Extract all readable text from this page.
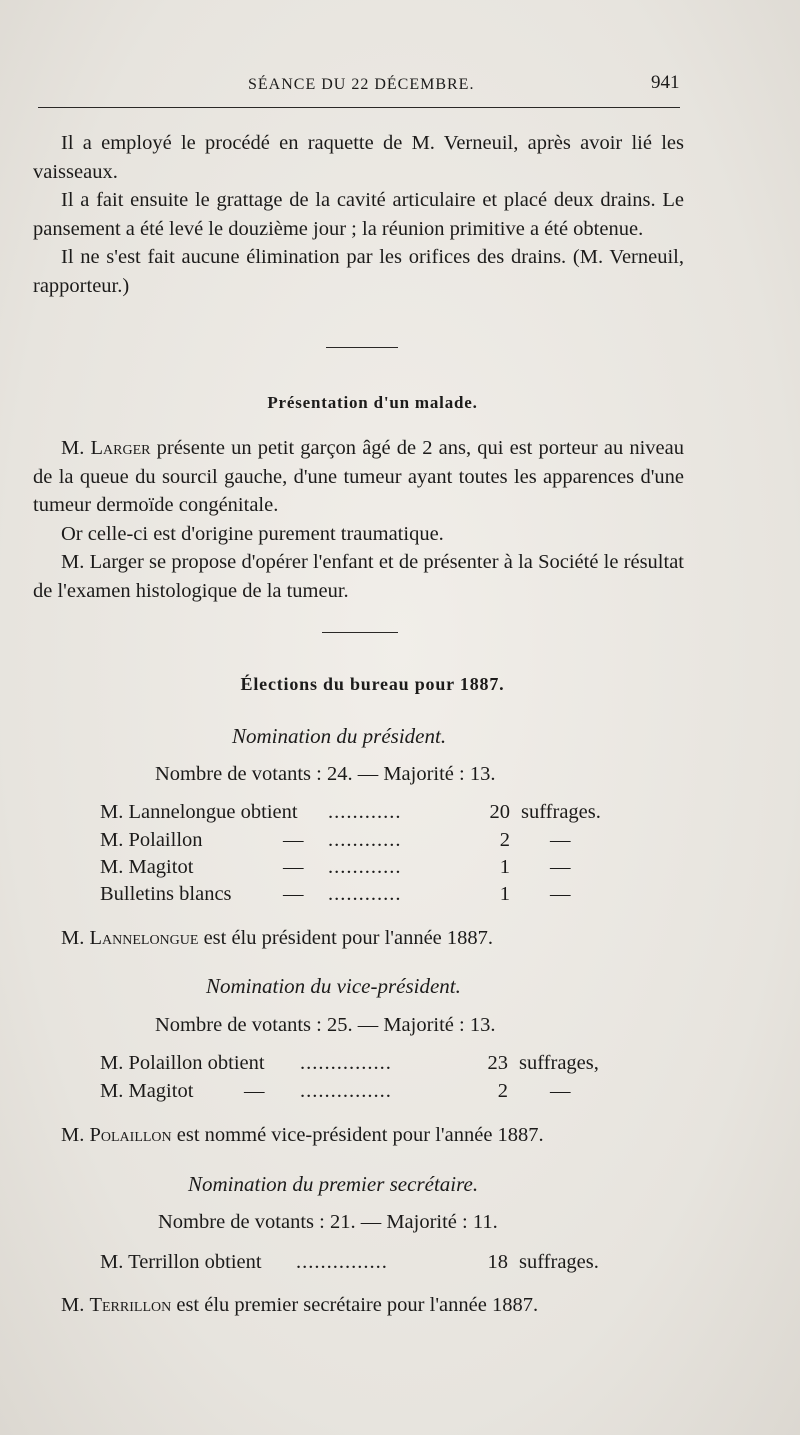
SÉANCE DU 22 DÉCEMBRE.	941

Il a employé le procédé en raquette de M. Verneuil, après avoir lié les vaisseaux.

Il a fait ensuite le grattage de la cavité articulaire et placé deux drains. Le pansement a été levé le douzième jour ; la réunion primitive a été obtenue.

Il ne s'est fait aucune élimination par les orifices des drains. (M. Verneuil, rapporteur.)

Présentation d'un malade.

M. Larger présente un petit garçon âgé de 2 ans, qui est porteur au niveau de la queue du sourcil gauche, d'une tumeur ayant toutes les apparences d'une tumeur dermoïde congénitale.

Or celle-ci est d'origine purement traumatique.

M. Larger se propose d'opérer l'enfant et de présenter à la Société le résultat de l'examen histologique de la tumeur.

Élections du bureau pour 1887.
Nomination du président.
Nombre de votants : 24. — Majorité : 13.
M. Lannelongue obtient ............	20 suffrages.
M. Polaillon	— ............	2 —
M. Magitot	— ............	1 —
Bulletins blancs	— ............	1 —
M. Lannelongue est élu président pour l'année 1887.
Nomination du vice-président.
Nombre de votants : 25. — Majorité : 13.
M. Polaillon obtient ...............	23 suffrages,
M. Magitot — ...............	2 —
M. Polaillon est nommé vice-président pour l'année 1887.
Nomination du premier secrétaire.
Nombre de votants : 21. — Majorité : 11.
M. Terrillon obtient ...............	18 suffrages.
M. Terrillon est élu premier secrétaire pour l'année 1887.
